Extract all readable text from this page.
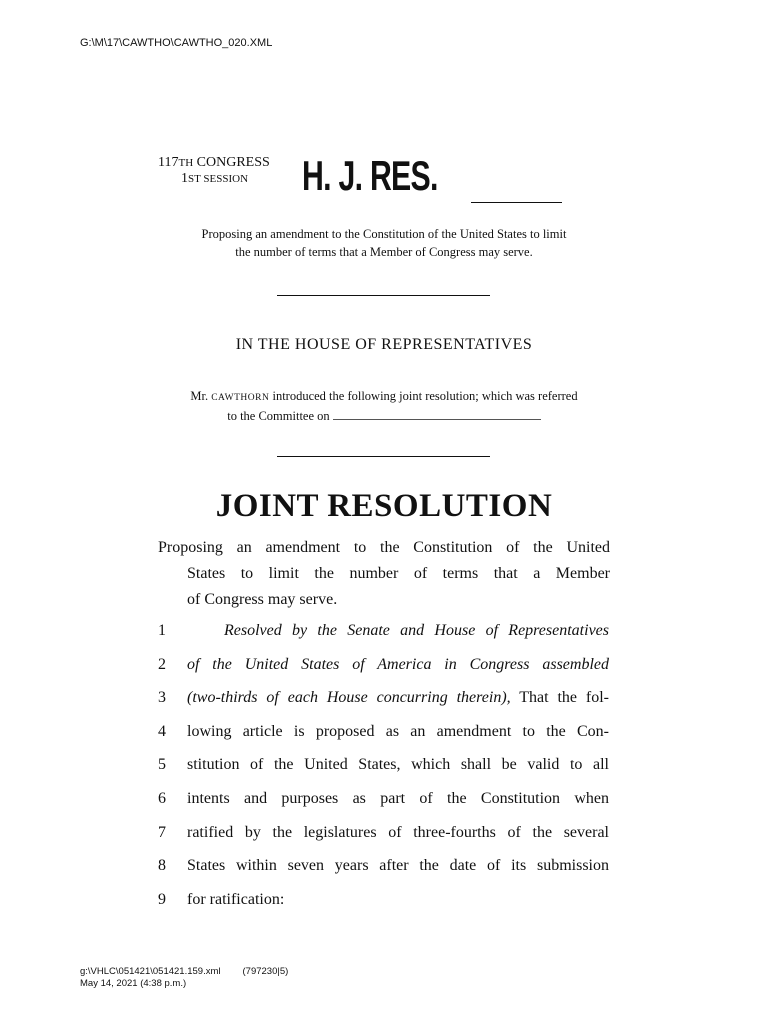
G:\M\17\CAWTHO\CAWTHO_020.XML
117TH CONGRESS
1ST SESSION	H. J. RES.
Proposing an amendment to the Constitution of the United States to limit
the number of terms that a Member of Congress may serve.
IN THE HOUSE OF REPRESENTATIVES
Mr. CAWTHORN introduced the following joint resolution; which was referred
to the Committee on
JOINT RESOLUTION
Proposing an amendment to the Constitution of the United
States to limit the number of terms that a Member
of Congress may serve.
1	Resolved by the Senate and House of Representatives
2	of the United States of America in Congress assembled
3	(two-thirds of each House concurring therein), That the fol-
4	lowing article is proposed as an amendment to the Con-
5	stitution of the United States, which shall be valid to all
6	intents and purposes as part of the Constitution when
7	ratified by the legislatures of three-fourths of the several
8	States within seven years after the date of its submission
9	for ratification:
g:\VHLC\051421\051421.159.xml (797230|5)
May 14, 2021 (4:38 p.m.)
